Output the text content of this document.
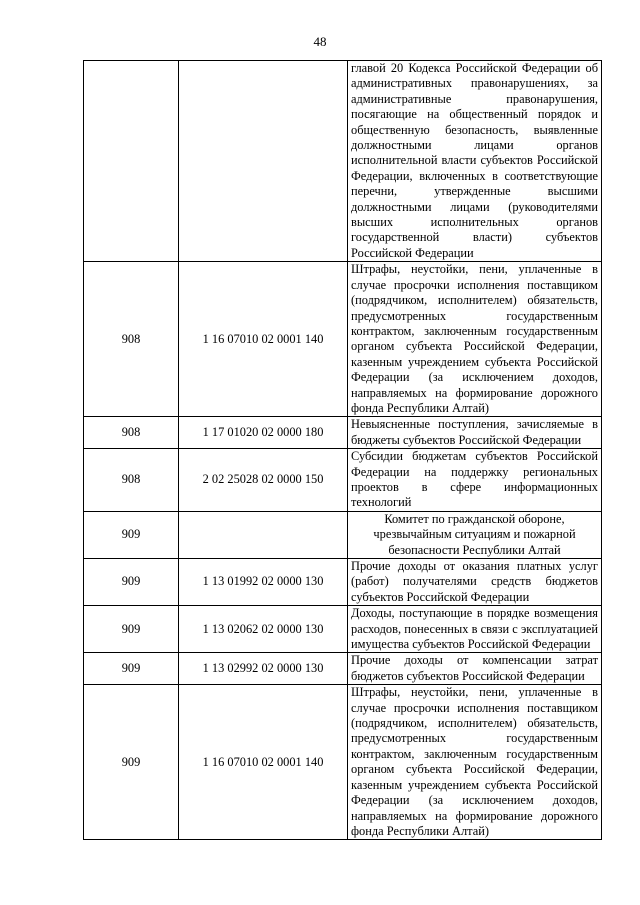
48
		главой 20 Кодекса Российской Федерации об административных правонарушениях, за административные правонарушения, посягающие на общественный порядок и общественную безопасность, выявленные должностными лицами органов исполнительной власти субъектов Российской Федерации, включенных в соответствующие перечни, утвержденные высшими должностными лицами (руководителями высших исполнительных органов государственной власти) субъектов Российской Федерации
908	1 16 07010 02 0001 140	Штрафы, неустойки, пени, уплаченные в случае просрочки исполнения поставщиком (подрядчиком, исполнителем) обязательств, предусмотренных государственным контрактом, заключенным государственным органом субъекта Российской Федерации, казенным учреждением субъекта Российской Федерации (за исключением доходов, направляемых на формирование дорожного фонда Республики Алтай)
908	1 17 01020 02 0000 180	Невыясненные поступления, зачисляемые в бюджеты субъектов Российской Федерации
908	2 02 25028 02 0000 150	Субсидии бюджетам субъектов Российской Федерации на поддержку региональных проектов в сфере информационных технологий
909		Комитет по гражданской обороне, чрезвычайным ситуациям и пожарной безопасности Республики Алтай
909	1 13 01992 02 0000 130	Прочие доходы от оказания платных услуг (работ) получателями средств бюджетов субъектов Российской Федерации
909	1 13 02062 02 0000 130	Доходы, поступающие в порядке возмещения расходов, понесенных в связи с эксплуатацией имущества субъектов Российской Федерации
909	1 13 02992 02 0000 130	Прочие доходы от компенсации затрат бюджетов субъектов Российской Федерации
909	1 16 07010 02 0001 140	Штрафы, неустойки, пени, уплаченные в случае просрочки исполнения поставщиком (подрядчиком, исполнителем) обязательств, предусмотренных государственным контрактом, заключенным государственным органом субъекта Российской Федерации, казенным учреждением субъекта Российской Федерации (за исключением доходов, направляемых на формирование дорожного фонда Республики Алтай)
